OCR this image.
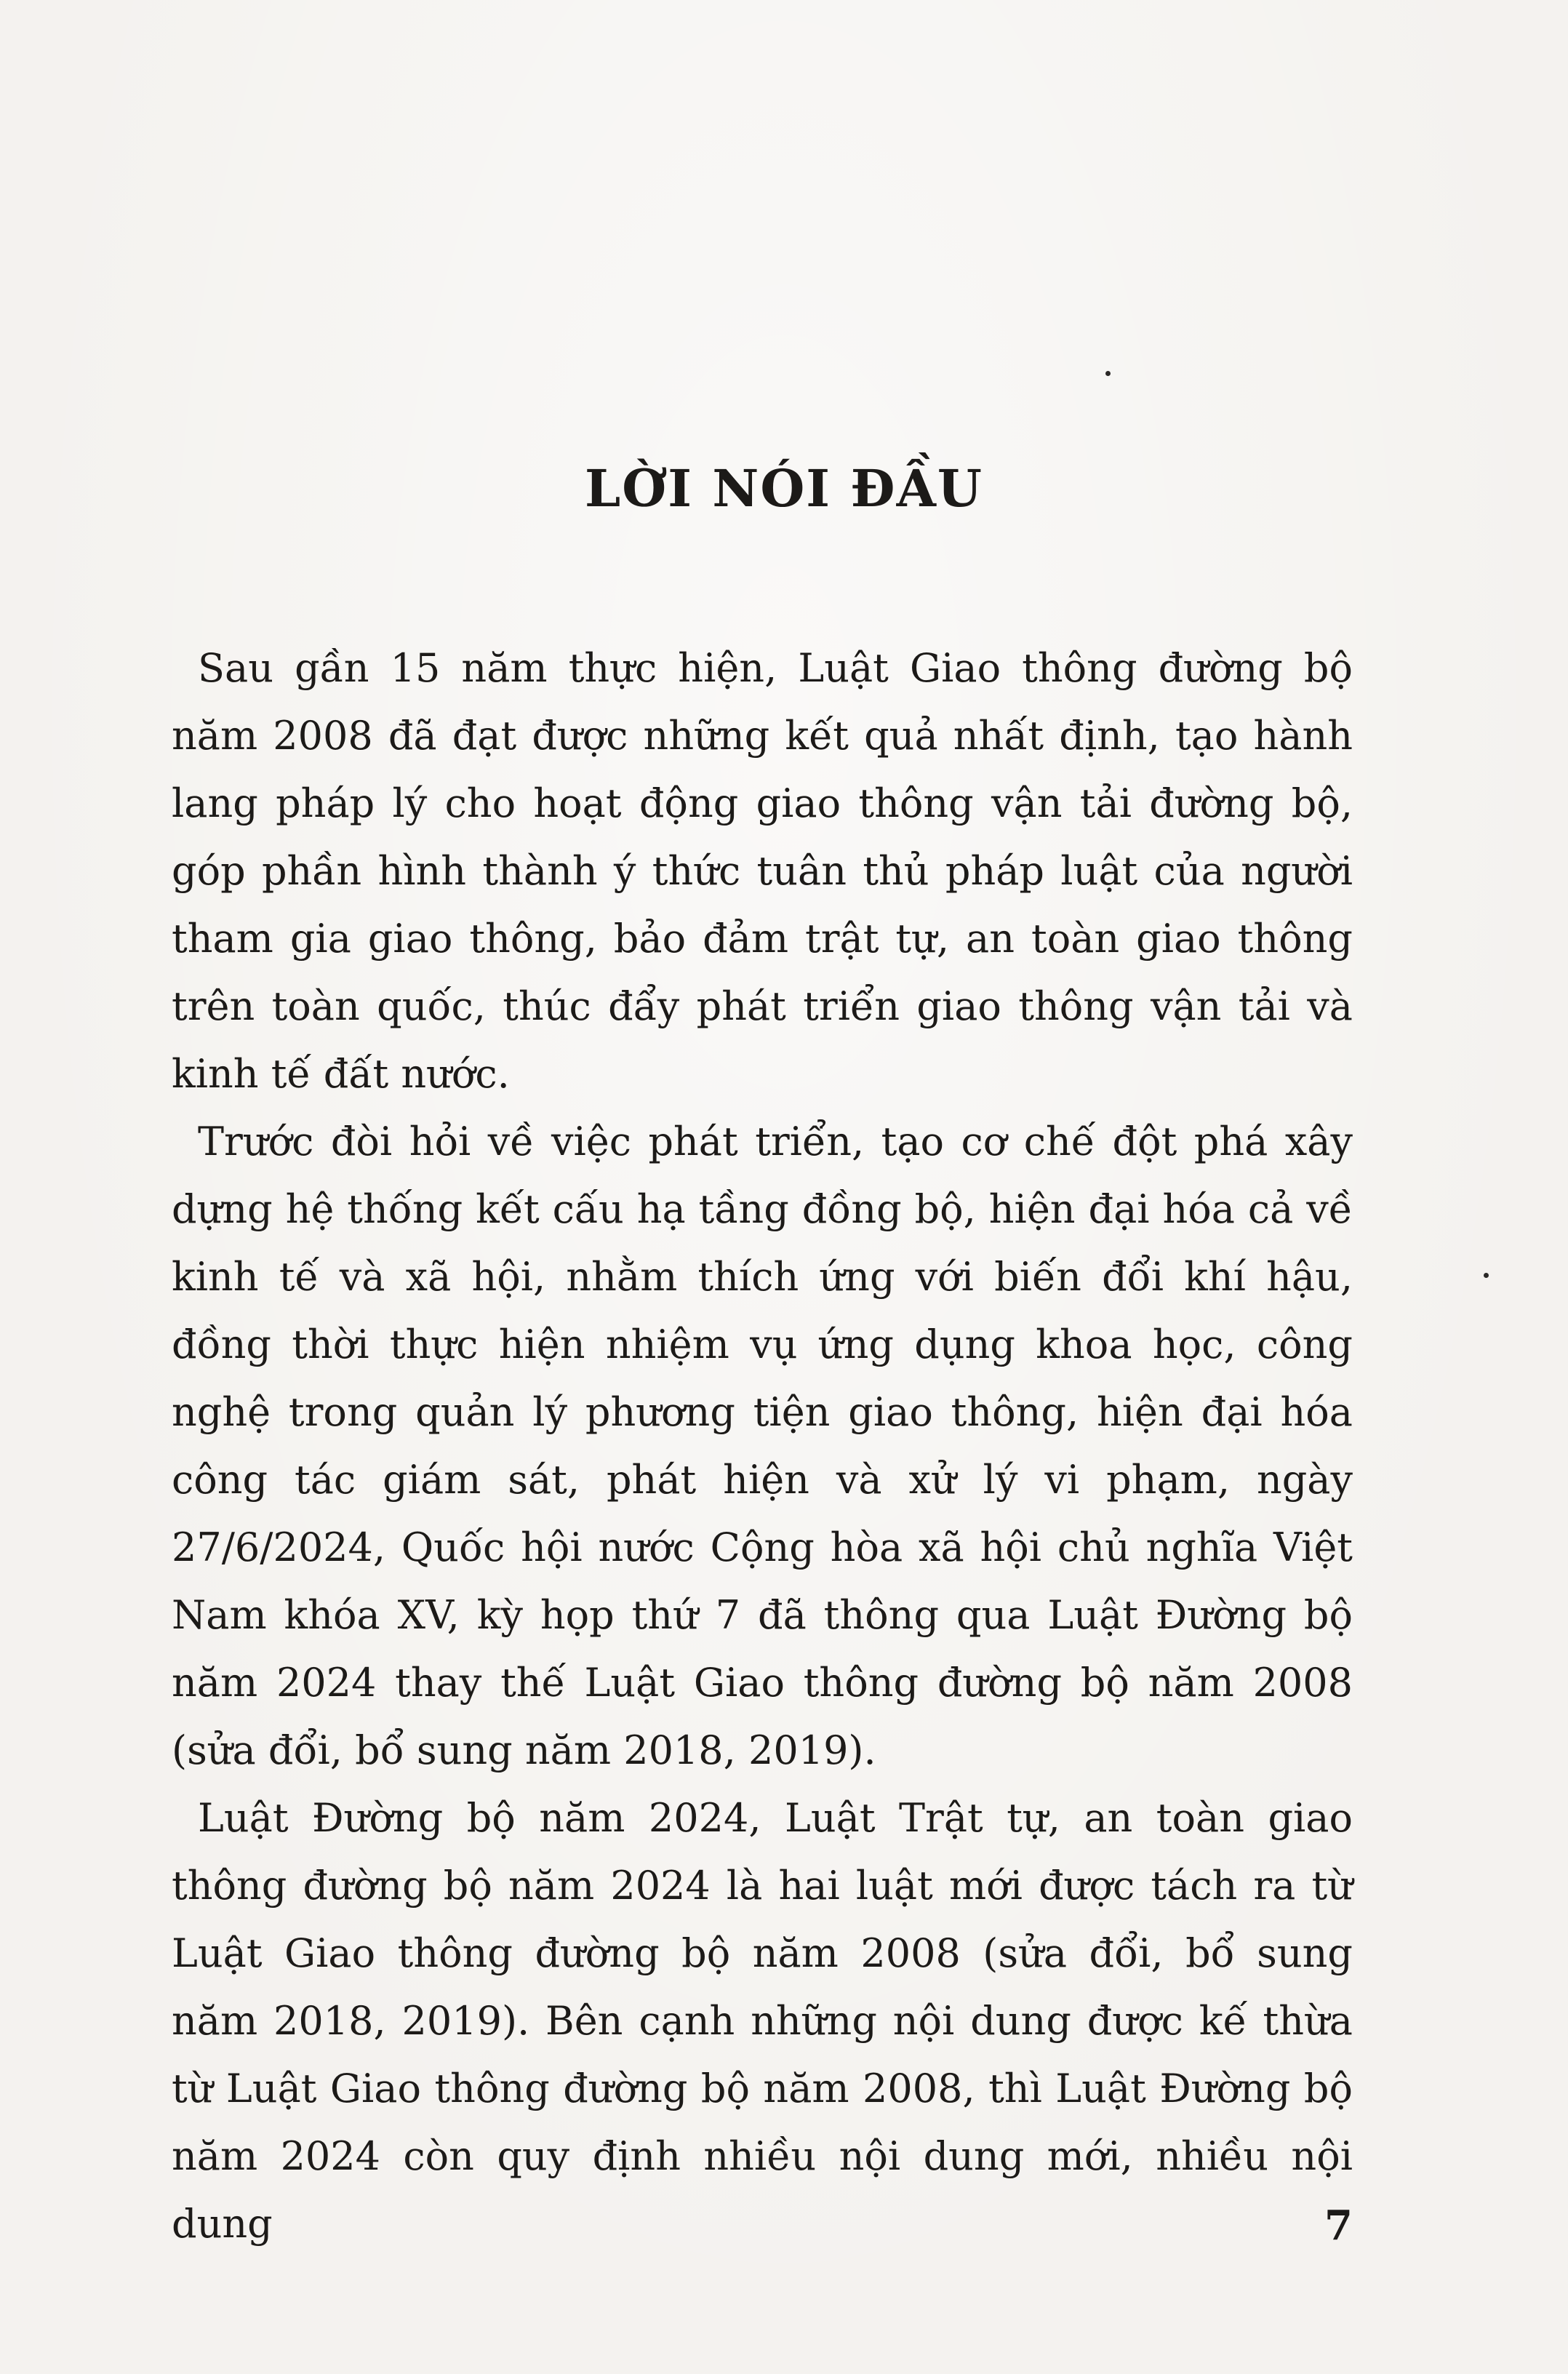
LỜI NÓI ĐẦU

Sau gần 15 năm thực hiện, Luật Giao thông đường bộ năm 2008 đã đạt được những kết quả nhất định, tạo hành lang pháp lý cho hoạt động giao thông vận tải đường bộ, góp phần hình thành ý thức tuân thủ pháp luật của người tham gia giao thông, bảo đảm trật tự, an toàn giao thông trên toàn quốc, thúc đẩy phát triển giao thông vận tải và kinh tế đất nước.

Trước đòi hỏi về việc phát triển, tạo cơ chế đột phá xây dựng hệ thống kết cấu hạ tầng đồng bộ, hiện đại hóa cả về kinh tế và xã hội, nhằm thích ứng với biến đổi khí hậu, đồng thời thực hiện nhiệm vụ ứng dụng khoa học, công nghệ trong quản lý phương tiện giao thông, hiện đại hóa công tác giám sát, phát hiện và xử lý vi phạm, ngày 27/6/2024, Quốc hội nước Cộng hòa xã hội chủ nghĩa Việt Nam khóa XV, kỳ họp thứ 7 đã thông qua Luật Đường bộ năm 2024 thay thế Luật Giao thông đường bộ năm 2008 (sửa đổi, bổ sung năm 2018, 2019).

Luật Đường bộ năm 2024, Luật Trật tự, an toàn giao thông đường bộ năm 2024 là hai luật mới được tách ra từ Luật Giao thông đường bộ năm 2008 (sửa đổi, bổ sung năm 2018, 2019). Bên cạnh những nội dung được kế thừa từ Luật Giao thông đường bộ năm 2008, thì Luật Đường bộ năm 2024 còn quy định nhiều nội dung mới, nhiều nội dung	7
